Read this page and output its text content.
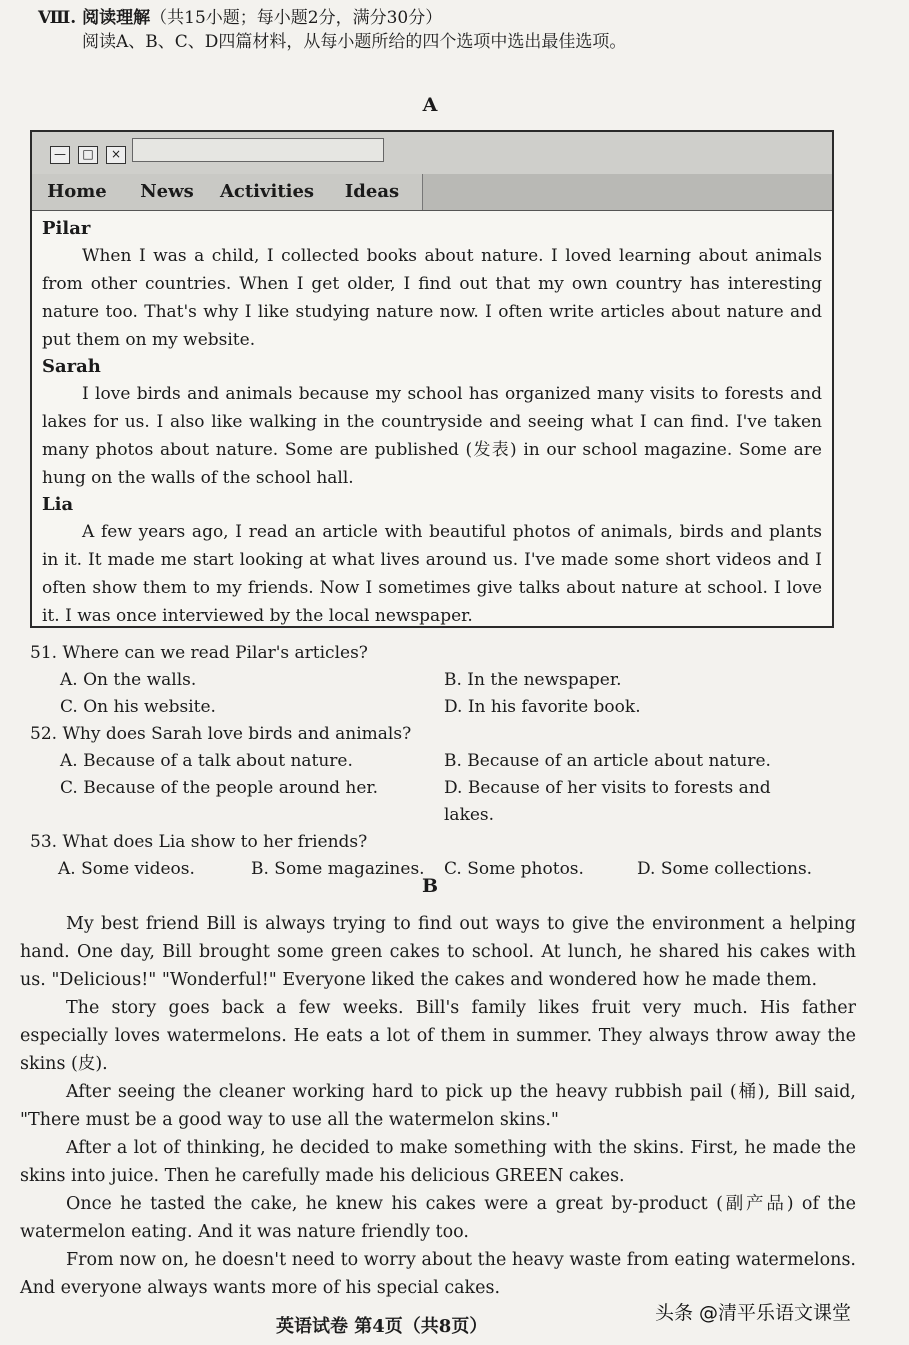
Ⅷ. 阅读理解（共15小题；每小题2分，满分30分）
阅读A、B、C、D四篇材料，从每小题所给的四个选项中选出最佳选项。
A
—	□	×
Home	News	Activities	Ideas
Pilar

When I was a child, I collected books about nature. I loved learning about animals from other countries. When I get older, I find out that my own country has interesting nature too. That's why I like studying nature now. I often write articles about nature and put them on my website.

Sarah

I love birds and animals because my school has organized many visits to forests and lakes for us. I also like walking in the countryside and seeing what I can find. I've taken many photos about nature. Some are published (发表) in our school magazine. Some are hung on the walls of the school hall.

Lia

A few years ago, I read an article with beautiful photos of animals, birds and plants in it. It made me start looking at what lives around us. I've made some short videos and I often show them to my friends. Now I sometimes give talks about nature at school. I love it. I was once interviewed by the local newspaper.

51. Where can we read Pilar's articles?
A. On the walls.	B. In the newspaper.
C. On his website.	D. In his favorite book.
52. Why does Sarah love birds and animals?
A. Because of a talk about nature.	B. Because of an article about nature.
C. Because of the people around her.	D. Because of her visits to forests and lakes.
53. What does Lia show to her friends?
A. Some videos.	B. Some magazines.	C. Some photos.	D. Some collections.
B

My best friend Bill is always trying to find out ways to give the environment a helping hand. One day, Bill brought some green cakes to school. At lunch, he shared his cakes with us. "Delicious!" "Wonderful!" Everyone liked the cakes and wondered how he made them.

The story goes back a few weeks. Bill's family likes fruit very much. His father especially loves watermelons. He eats a lot of them in summer. They always throw away the skins (皮).

After seeing the cleaner working hard to pick up the heavy rubbish pail (桶), Bill said, "There must be a good way to use all the watermelon skins."

After a lot of thinking, he decided to make something with the skins. First, he made the skins into juice. Then he carefully made his delicious GREEN cakes.

Once he tasted the cake, he knew his cakes were a great by-product (副产品) of the watermelon eating. And it was nature friendly too.

From now on, he doesn't need to worry about the heavy waste from eating watermelons. And everyone always wants more of his special cakes.

英语试卷 第4页（共8页）
头条 @清平乐语文课堂
